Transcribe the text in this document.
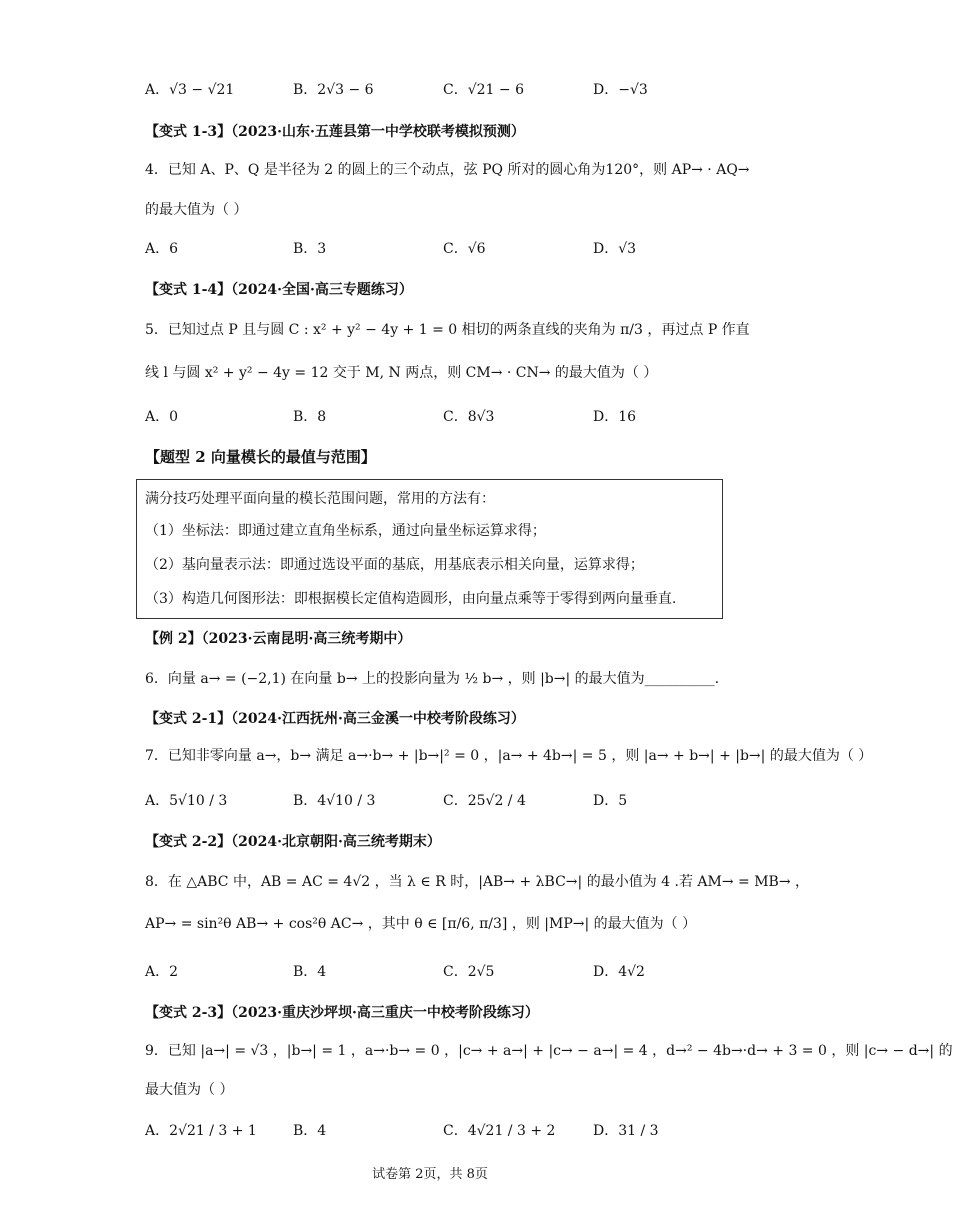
A．√3 − √21	B．2√3 − 6	C．√21 − 6	D．−√3
【变式 1-3】（2023·山东·五莲县第一中学校联考模拟预测）
4．已知 A、P、Q 是半径为 2 的圆上的三个动点，弦 PQ 所对的圆心角为120°，则 AP→ · AQ→
的最大值为（ ）
A．6	B．3	C．√6	D．√3
【变式 1-4】（2024·全国·高三专题练习）
5．已知过点 P 且与圆 C : x² + y² − 4y + 1 = 0 相切的两条直线的夹角为 π/3 ，再过点 P 作直
线 l 与圆 x² + y² − 4y = 12 交于 M, N 两点，则 CM→ · CN→ 的最大值为（ ）
A．0	B．8	C．8√3	D．16
【题型 2 向量模长的最值与范围】
满分技巧处理平面向量的模长范围问题，常用的方法有：
（1）坐标法：即通过建立直角坐标系，通过向量坐标运算求得；
（2）基向量表示法：即通过选设平面的基底，用基底表示相关向量，运算求得；
（3）构造几何图形法：即根据模长定值构造圆形，由向量点乘等于零得到两向量垂直.
【例 2】（2023·云南昆明·高三统考期中）
6．向量 a→ = (−2,1) 在向量 b→ 上的投影向量为 ½ b→ ，则 |b→| 的最大值为__________.
【变式 2-1】（2024·江西抚州·高三金溪一中校考阶段练习）
7．已知非零向量 a→，b→ 满足 a→·b→ + |b→|² = 0 ，|a→ + 4b→| = 5 ，则 |a→ + b→| + |b→| 的最大值为（ ）
A．5√10 / 3	B．4√10 / 3	C．25√2 / 4	D．5
【变式 2-2】（2024·北京朝阳·高三统考期末）
8．在 △ABC 中，AB = AC = 4√2 ，当 λ ∈ R 时，|AB→ + λBC→| 的最小值为 4 .若 AM→ = MB→ ，
AP→ = sin²θ AB→ + cos²θ AC→ ，其中 θ ∈ [π/6, π/3] ，则 |MP→| 的最大值为（ ）
A．2	B．4	C．2√5	D．4√2
【变式 2-3】（2023·重庆沙坪坝·高三重庆一中校考阶段练习）
9．已知 |a→| = √3 ，|b→| = 1 ，a→·b→ = 0 ，|c→ + a→| + |c→ − a→| = 4 ，d→² − 4b→·d→ + 3 = 0 ，则 |c→ − d→| 的
最大值为（ ）
A．2√21 / 3 + 1	B．4	C．4√21 / 3 + 2	D．31 / 3
试卷第 2页，共 8页
